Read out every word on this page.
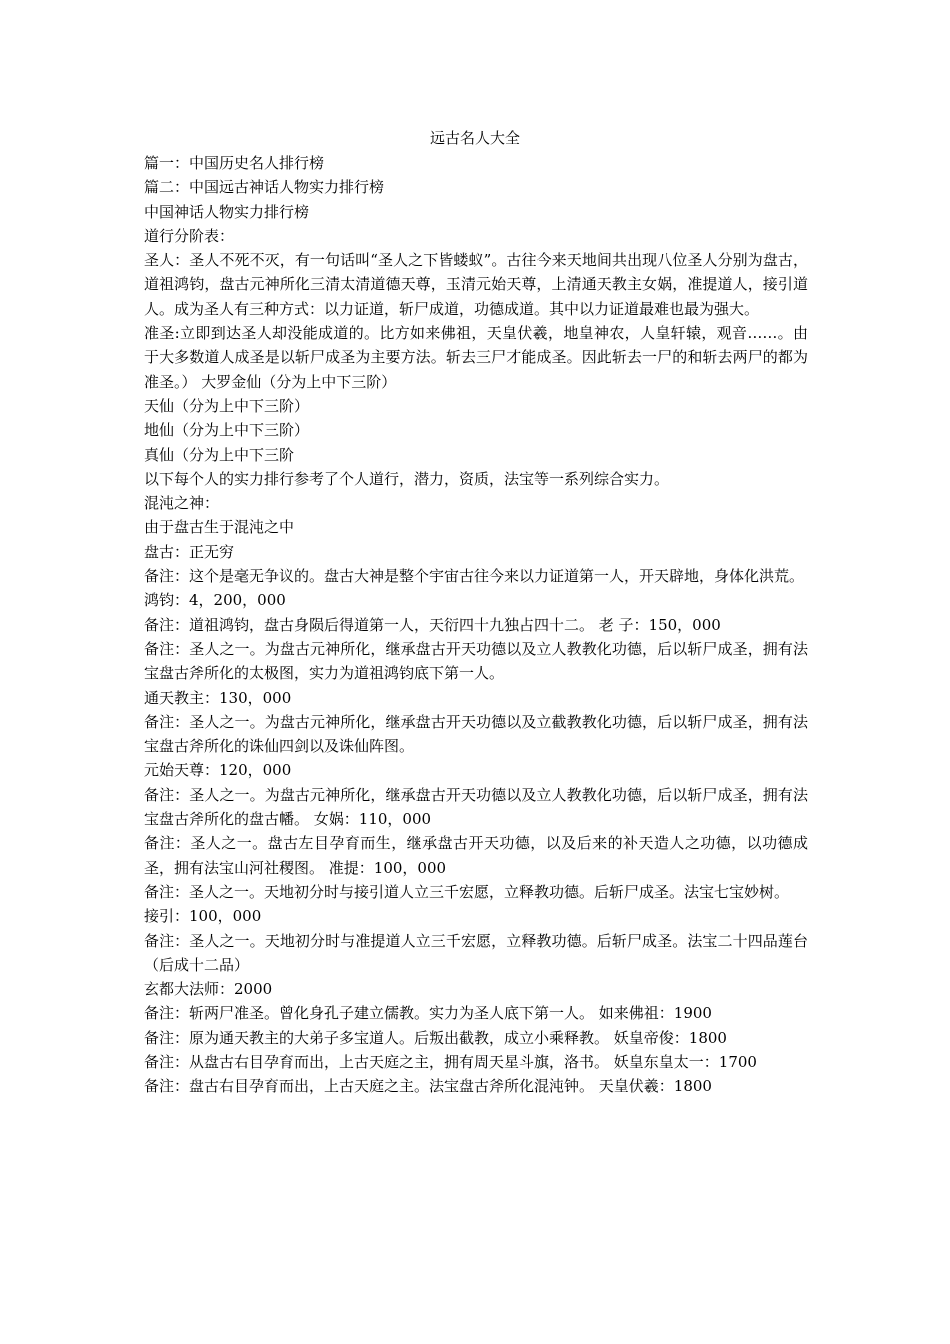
远古名人大全

篇一：中国历史名人排行榜

篇二：中国远古神话人物实力排行榜

中国神话人物实力排行榜

道行分阶表：

圣人：圣人不死不灭，有一句话叫“圣人之下皆蝼蚁”。古往今来天地间共出现八位圣人分别为盘古，道祖鸿钧，盘古元神所化三清太清道德天尊，玉清元始天尊，上清通天教主女娲，准提道人，接引道人。成为圣人有三种方式：以力证道，斩尸成道，功德成道。其中以力证道最难也最为强大。

准圣:立即到达圣人却没能成道的。比方如来佛祖，天皇伏羲，地皇神农，人皇轩辕，观音……。由于大多数道人成圣是以斩尸成圣为主要方法。斩去三尸才能成圣。因此斩去一尸的和斩去两尸的都为准圣。） 大罗金仙（分为上中下三阶）

天仙（分为上中下三阶）

地仙（分为上中下三阶）

真仙（分为上中下三阶

以下每个人的实力排行参考了个人道行，潜力，资质，法宝等一系列综合实力。

混沌之神：

由于盘古生于混沌之中

盘古：正无穷

备注：这个是毫无争议的。盘古大神是整个宇宙古往今来以力证道第一人，开天辟地，身体化洪荒。

鸿钧：4，200，000

备注：道祖鸿钧，盘古身陨后得道第一人，天衍四十九独占四十二。 老 子：150，000

备注：圣人之一。为盘古元神所化，继承盘古开天功德以及立人教教化功德，后以斩尸成圣，拥有法宝盘古斧所化的太极图，实力为道祖鸿钧底下第一人。

通天教主：130，000

备注：圣人之一。为盘古元神所化，继承盘古开天功德以及立截教教化功德，后以斩尸成圣，拥有法宝盘古斧所化的诛仙四剑以及诛仙阵图。

元始天尊：120，000

备注：圣人之一。为盘古元神所化，继承盘古开天功德以及立人教教化功德，后以斩尸成圣，拥有法宝盘古斧所化的盘古幡。 女娲：110，000

备注：圣人之一。盘古左目孕育而生，继承盘古开天功德，以及后来的补天造人之功德，以功德成圣，拥有法宝山河社稷图。 准提：100，000

备注：圣人之一。天地初分时与接引道人立三千宏愿，立释教功德。后斩尸成圣。法宝七宝妙树。

接引：100，000

备注：圣人之一。天地初分时与准提道人立三千宏愿，立释教功德。后斩尸成圣。法宝二十四品莲台（后成十二品）

玄都大法师：2000

备注：斩两尸准圣。曾化身孔子建立儒教。实力为圣人底下第一人。 如来佛祖：1900

备注：原为通天教主的大弟子多宝道人。后叛出截教，成立小乘释教。 妖皇帝俊：1800

备注：从盘古右目孕育而出，上古天庭之主，拥有周天星斗旗，洛书。 妖皇东皇太一：1700

备注：盘古右目孕育而出，上古天庭之主。法宝盘古斧所化混沌钟。 天皇伏羲：1800
